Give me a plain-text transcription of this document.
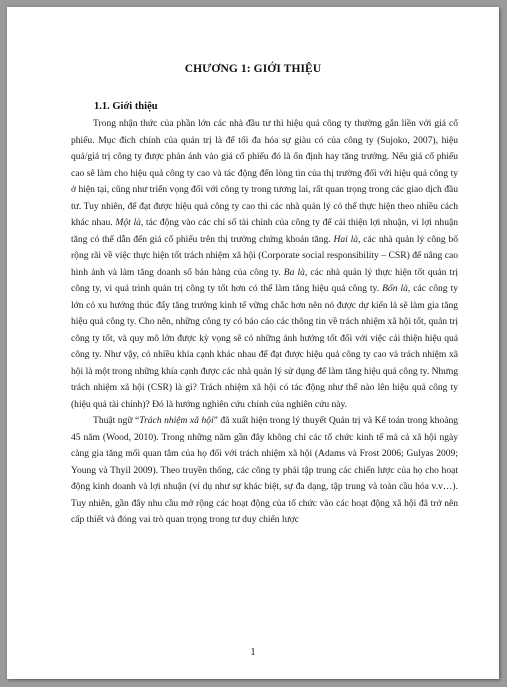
CHƯƠNG 1: GIỚI THIỆU
1.1. Giới thiệu

Trong nhận thức của phần lớn các nhà đầu tư thì hiệu quả công ty thường gắn liền với giá cổ phiếu. Mục đích chính của quản trị là để tối đa hóa sự giàu có của công ty (Sujoko, 2007), hiệu quả/giá trị công ty được phản ánh vào giá cổ phiếu đó là ổn định hay tăng trưởng. Nếu giá cổ phiếu cao sẽ làm cho hiệu quả công ty cao và tác động đến lòng tin của thị trường đối với hiệu quả công ty ở hiện tại, cũng như triển vọng đối với công ty trong tương lai, rất quan trọng trong các giao dịch đầu tư. Tuy nhiên, để đạt được hiệu quả công ty cao thì các nhà quản lý có thể thực hiện theo nhiều cách khác nhau. Một là, tác động vào các chỉ số tài chính của công ty để cải thiện lợi nhuận, vì lợi nhuận tăng có thể dẫn đến giá cổ phiếu trên thị trường chứng khoán tăng. Hai là, các nhà quản lý công bố rộng rãi về việc thực hiện tốt trách nhiệm xã hội (Corporate social responsibility – CSR) để nâng cao hình ảnh và làm tăng doanh số bán hàng của công ty. Ba là, các nhà quản lý thực hiện tốt quản trị công ty, vì quá trình quản trị công ty tốt hơn có thể làm tăng hiệu quả công ty. Bốn là, các công ty lớn có xu hướng thúc đẩy tăng trưởng kinh tế vững chắc hơn nên nó được dự kiến là sẽ làm gia tăng hiệu quả công ty. Cho nên, những công ty có báo cáo các thông tin về trách nhiệm xã hội tốt, quản trị công ty tốt, và quy mô lớn được kỳ vọng sẽ có những ảnh hưởng tốt đối với việc cải thiện hiệu quả công ty. Như vậy, có nhiều khía cạnh khác nhau để đạt được hiệu quả công ty cao và trách nhiệm xã hội là một trong những khía cạnh được các nhà quản lý sử dụng để làm tăng hiệu quả công ty. Nhưng trách nhiệm xã hội (CSR) là gì? Trách nhiệm xã hội có tác động như thế nào lên hiệu quả công ty (hiệu quả tài chính)? Đó là hướng nghiên cứu chính của nghiên cứu này.

Thuật ngữ “Trách nhiệm xã hội” đã xuất hiện trong lý thuyết Quản trị và Kế toán trong khoảng 45 năm (Wood, 2010). Trong những năm gần đây không chỉ các tổ chức kinh tế mà cả xã hội ngày càng gia tăng mối quan tâm của họ đối với trách nhiệm xã hội (Adams và Frost 2006; Gulyas 2009; Young và Thyil 2009). Theo truyền thống, các công ty phải tập trung các chiến lược của họ cho hoạt động kinh doanh và lợi nhuận (ví dụ như sự khác biệt, sự đa dạng, tập trung và toàn cầu hóa v.v…). Tuy nhiên, gần đây nhu cầu mở rộng các hoạt động của tổ chức vào các hoạt động xã hội đã trở nên cấp thiết và đóng vai trò quan trọng trong tư duy chiến lược

1
